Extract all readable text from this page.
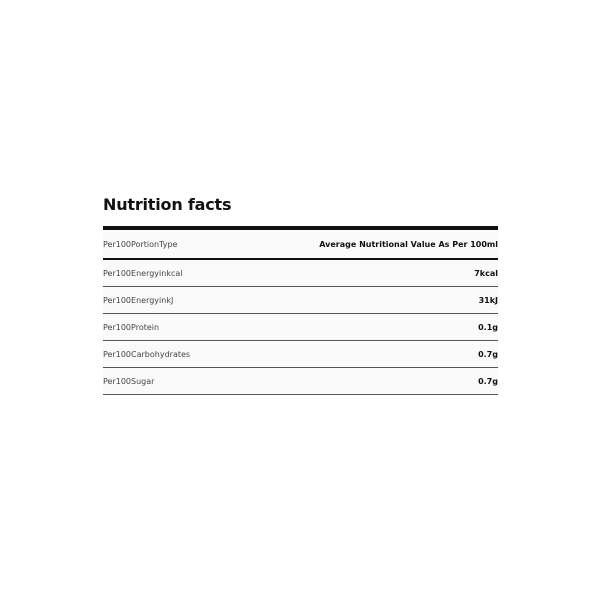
Nutrition facts
Per100PortionType	Average Nutritional Value As Per 100ml
Per100Energyinkcal	7kcal
Per100EnergyinkJ	31kJ
Per100Protein	0.1g
Per100Carbohydrates	0.7g
Per100Sugar	0.7g
